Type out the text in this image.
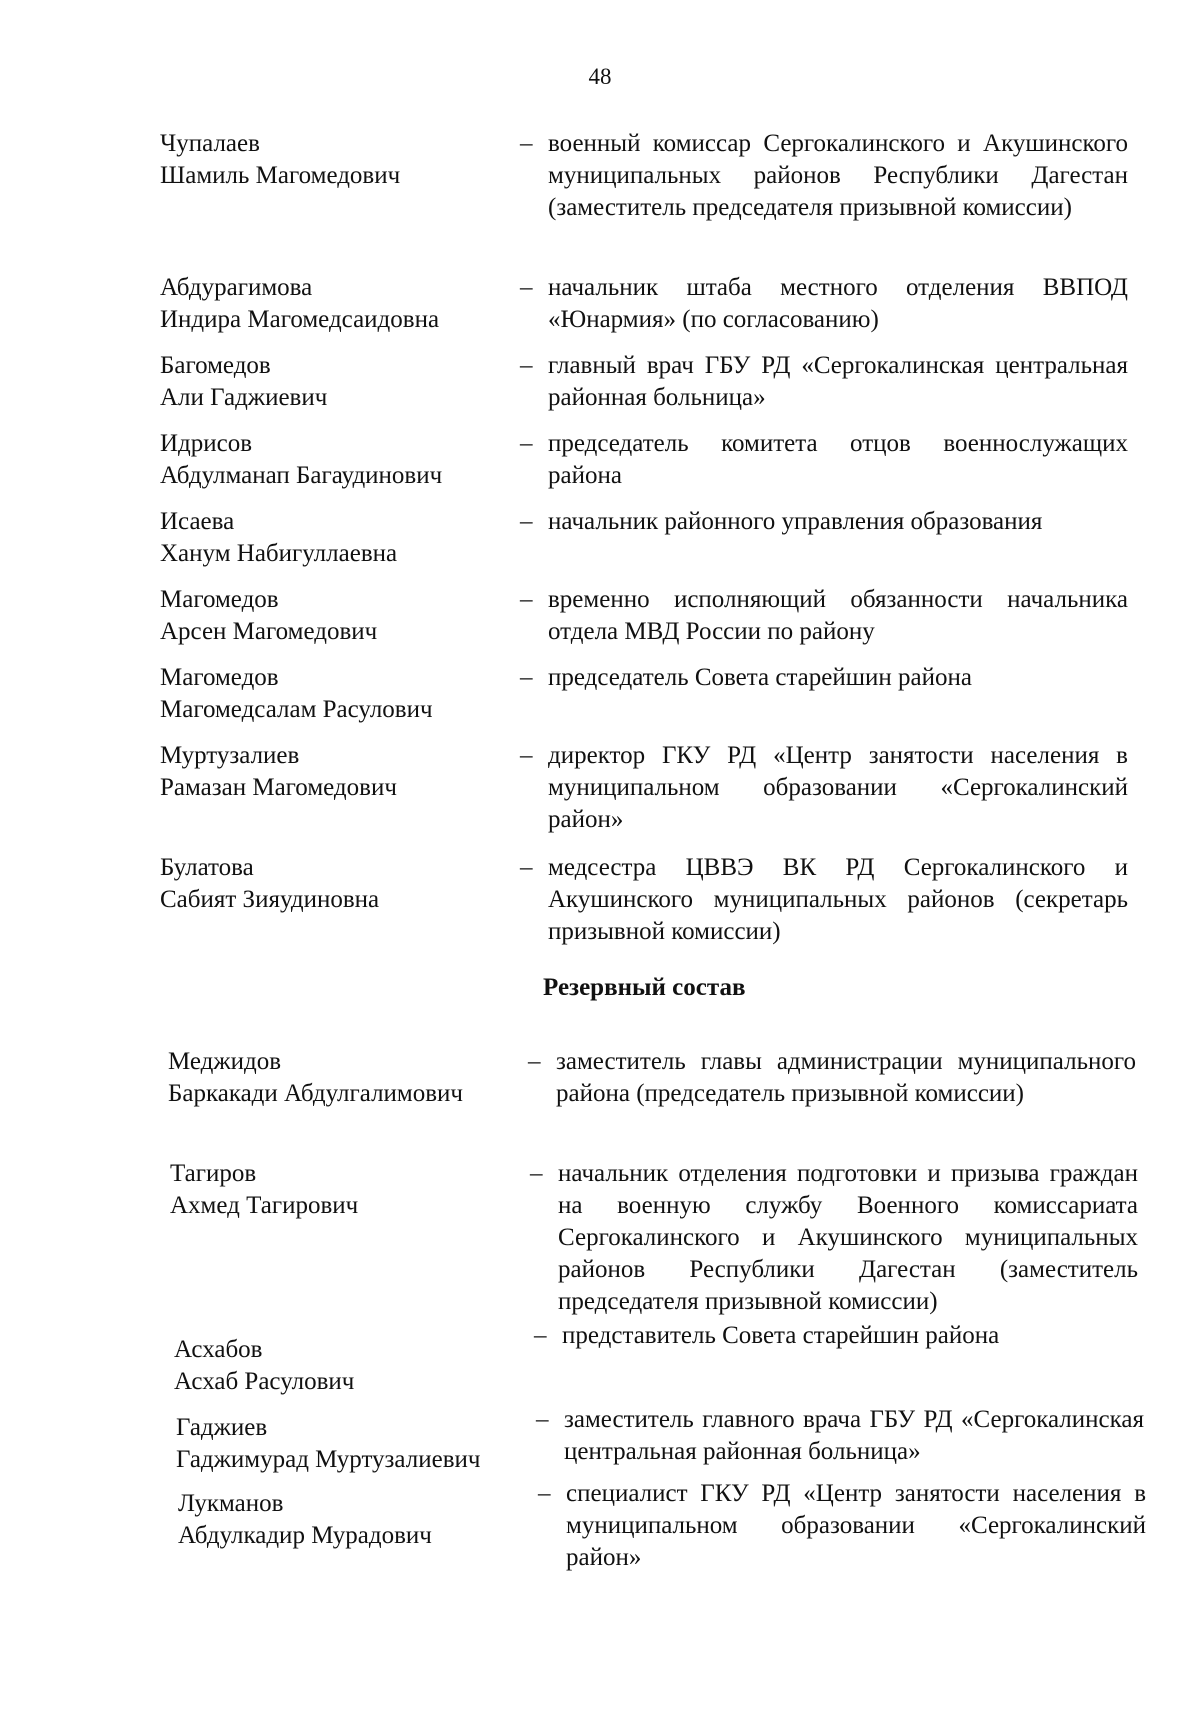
48
Чупалаев
Шамиль Магомедович
– военный комиссар Сергокалинского и Акушинского муниципальных районов Республики Дагестан (заместитель председателя призывной комиссии)
Абдурагимова
Индира Магомедсаидовна
– начальник штаба местного отделения ВВПОД «Юнармия» (по согласованию)
Багомедов
Али Гаджиевич
– главный врач ГБУ РД «Сергокалинская центральная районная больница»
Идрисов
Абдулманап Багаудинович
– председатель комитета отцов военнослужащих района
Исаева
Ханум Набигуллаевна
– начальник районного управления образования
Магомедов
Арсен Магомедович
– временно исполняющий обязанности начальника отдела МВД России по району
Магомедов
Магомедсалам Расулович
– председатель Совета старейшин района
Муртузалиев
Рамазан Магомедович
– директор ГКУ РД «Центр занятости населения в муниципальном образовании «Сергокалинский район»
Булатова
Сабият Зияудиновна
– медсестра ЦВВЭ ВК РД Сергокалинского и Акушинского муниципальных районов (секретарь призывной комиссии)
Резервный состав
Меджидов
Баркакади Абдулгалимович
– заместитель главы администрации муниципального района (председатель призывной комиссии)
Тагиров
Ахмед Тагирович
– начальник отделения подготовки и призыва граждан на военную службу Военного комиссариата Сергокалинского и Акушинского муниципальных районов Республики Дагестан (заместитель председателя призывной комиссии)
Асхабов
Асхаб Расулович
– представитель Совета старейшин района
Гаджиев
Гаджимурад Муртузалиевич
– заместитель главного врача ГБУ РД «Сергокалинская центральная районная больница»
Лукманов
Абдулкадир Мурадович
– специалист ГКУ РД «Центр занятости населения в муниципальном образовании «Сергокалинский район»
